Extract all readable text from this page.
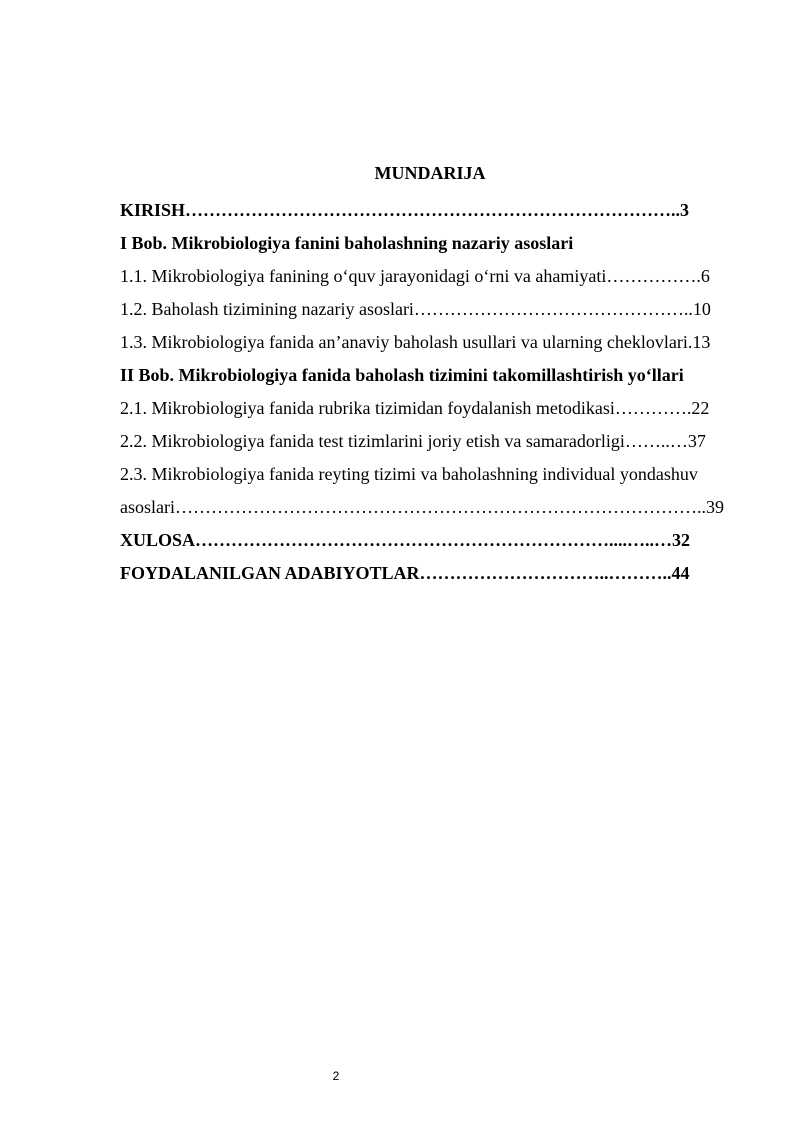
MUNDARIJA
KIRISH………………………………………………………………………..3
I Bob. Mikrobiologiya fanini baholashning nazariy asoslari
1.1. Mikrobiologiya fanining o‘quv jarayonidagi o‘rni va ahamiyati…………….6
1.2. Baholash tizimining nazariy asoslari………………………………………..10
1.3. Mikrobiologiya fanida an’anaviy baholash usullari va ularning cheklovlari.13
II Bob. Mikrobiologiya fanida baholash tizimini takomillashtirish yo‘llari
2.1. Mikrobiologiya fanida rubrika tizimidan foydalanish metodikasi………….22
2.2. Mikrobiologiya fanida test tizimlarini joriy etish va samaradorligi……..…37
2.3. Mikrobiologiya fanida reyting tizimi va baholashning individual yondashuv
asoslari……………………………………………………………………………..39
XULOSA……………………………………………………………....…..…32
FOYDALANILGAN ADABIYOTLAR…………………………..………..44
2
